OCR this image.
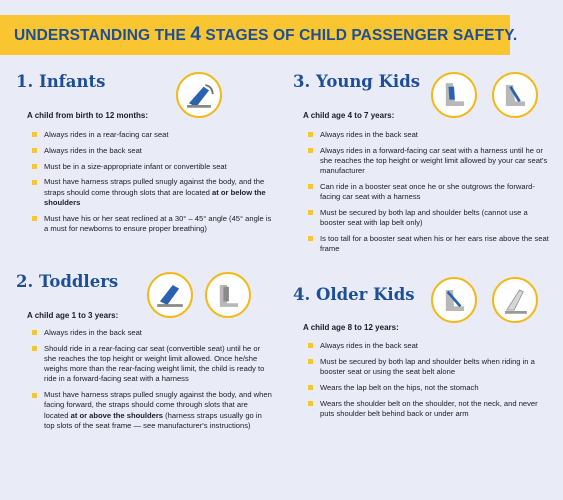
UNDERSTANDING THE 4 STAGES OF CHILD PASSENGER SAFETY.
1. Infants
A child from birth to 12 months:
Always rides in a rear-facing car seat
Always rides in the back seat
Must be in a size-appropriate infant or convertible seat
Must have harness straps pulled snugly against the body, and the straps should come through slots that are located at or below the shoulders
Must have his or her seat reclined at a 30° – 45° angle (45° angle is a must for newborns to ensure proper breathing)
2. Toddlers
A child age 1 to 3 years:
Always rides in the back seat
Should ride in a rear-facing car seat (convertible seat) until he or she reaches the top height or weight limit allowed. Once he/she weighs more than the rear-facing weight limit, the child is ready to ride in a forward-facing seat with a harness
Must have harness straps pulled snugly against the body, and when facing forward, the straps should come through slots that are located at or above the shoulders (harness straps usually go in top slots of the seat frame — see manufacturer's instructions)
3. Young Kids
A child age 4 to 7 years:
Always rides in the back seat
Always rides in a forward-facing car seat with a harness until he or she reaches the top height or weight limit allowed by your car seat's manufacturer
Can ride in a booster seat once he or she outgrows the forward-facing car seat with a harness
Must be secured by both lap and shoulder belts (cannot use a booster seat with lap belt only)
Is too tall for a booster seat when his or her ears rise above the seat frame
4. Older Kids
A child age 8 to 12 years:
Always rides in the back seat
Must be secured by both lap and shoulder belts when riding in a booster seat or using the seat belt alone
Wears the lap belt on the hips, not the stomach
Wears the shoulder belt on the shoulder, not the neck, and never puts shoulder belt behind back or under arm
